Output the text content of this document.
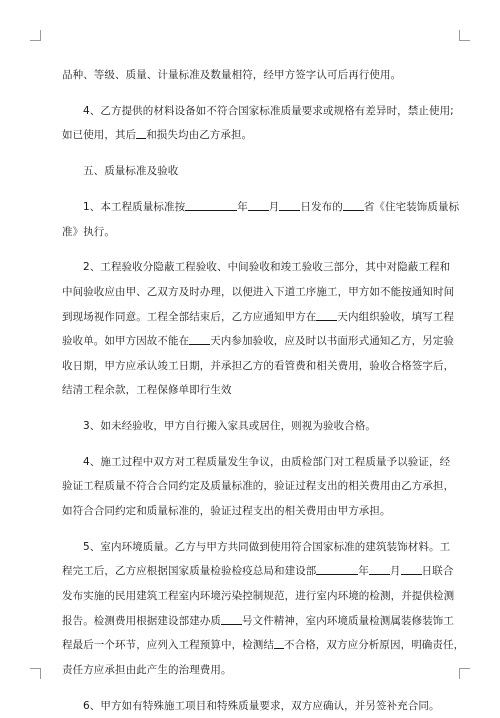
品种、等级、质量、计量标准及数量相符，经甲方签字认可后再行使用。
4、乙方提供的材料设备如不符合国家标准质量要求或规格有差异时，禁止使用;
如已使用，其后 和损失均由乙方承担。
五、质量标准及验收
1、本工程质量标准按	年 月 日发布的 省《住宅装饰质量标
准》执行。
2、工程验收分隐蔽工程验收、中间验收和竣工验收三部分，其中对隐蔽工程和
中间验收应由甲、乙双方及时办理，以便进入下道工序施工，甲方如不能按通知时间
到现场视作同意。工程全部结束后，乙方应通知甲方在 天内组织验收，填写工程
验收单。如甲方因故不能在 天内参加验收，应及时以书面形式通知乙方，另定验
收日期，甲方应承认竣工日期，并承担乙方的看管费和相关费用，验收合格签字后，
结清工程余款，工程保修单即行生效
3、如未经验收，甲方自行搬入家具或居住，则视为验收合格。
4、施工过程中双方对工程质量发生争议，由质检部门对工程质量予以验证，经
验证工程质量不符合合同约定及质量标准的，验证过程支出的相关费用由乙方承担，
如符合合同约定和质量标准的，验证过程支出的相关费用由甲方承担。
5、室内环境质量。乙方与甲方共同做到使用符合国家标准的建筑装饰材料。工
程完工后，乙方应根据国家质量检验检疫总局和建设部	年 月 日联合
发布实施的民用建筑工程室内环境污染控制规范，进行室内环境的检测，并提供检测
报告。检测费用根据建设部建办质 号文件精神，室内环境质量检测属装修装饰工
程最后一个环节，应列入工程预算中，检测结 不合格，双方应分析原因，明确责任，
责任方应承担由此产生的治理费用。
6、甲方如有特殊施工项目和特殊质量要求，双方应确认，并另签补充合同。
